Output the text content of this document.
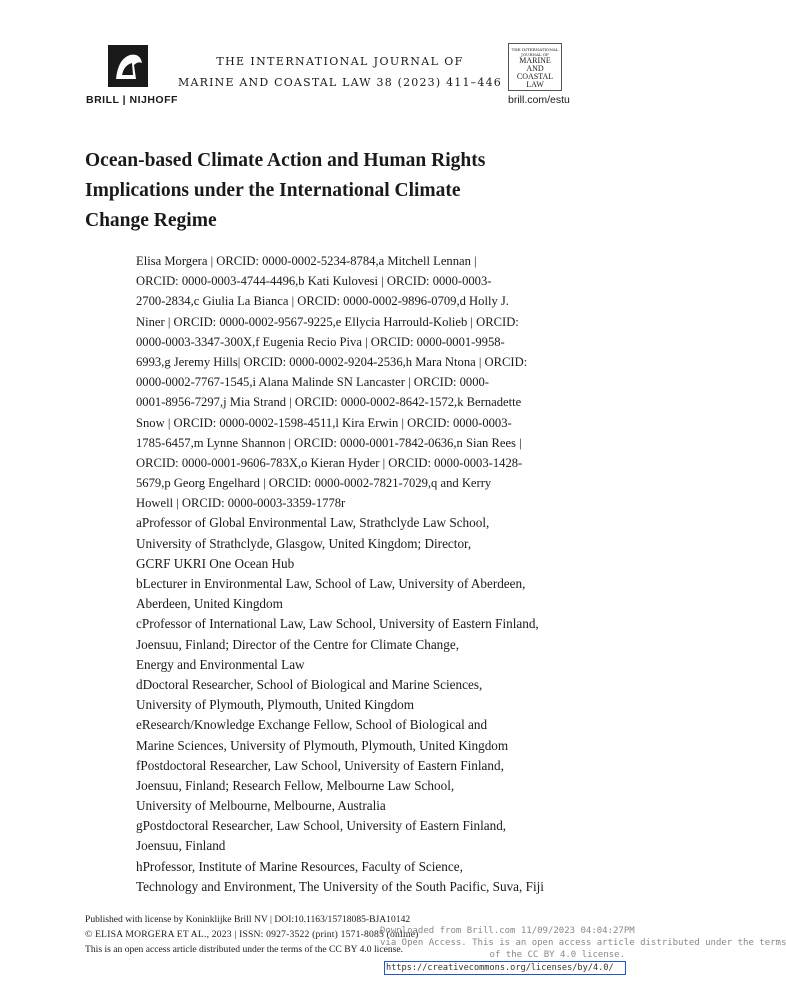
BRILL | NIJHOFF
THE INTERNATIONAL JOURNAL OF
MARINE AND COASTAL LAW 38 (2023) 411–446
THE INTERNATIONAL JOURNAL OF
MARINE
AND COASTAL
LAW
brill.com/estu
Ocean-based Climate Action and Human Rights
Implications under the International Climate
Change Regime
Elisa Morgera | ORCID: 0000-0002-5234-8784,a Mitchell Lennan |
ORCID: 0000-0003-4744-4496,b Kati Kulovesi | ORCID: 0000-0003-
2700-2834,c Giulia La Bianca | ORCID: 0000-0002-9896-0709,d Holly J.
Niner | ORCID: 0000-0002-9567-9225,e Ellycia Harrould-Kolieb | ORCID:
0000-0003-3347-300X,f Eugenia Recio Piva | ORCID: 0000-0001-9958-
6993,g Jeremy Hills| ORCID: 0000-0002-9204-2536,h Mara Ntona | ORCID:
0000-0002-7767-1545,i Alana Malinde SN Lancaster | ORCID: 0000-
0001-8956-7297,j Mia Strand | ORCID: 0000-0002-8642-1572,k Bernadette
Snow | ORCID: 0000-0002-1598-4511,l Kira Erwin | ORCID: 0000-0003-
1785-6457,m Lynne Shannon | ORCID: 0000-0001-7842-0636,n Sian Rees |
ORCID: 0000-0001-9606-783X,o Kieran Hyder | ORCID: 0000-0003-1428-
5679,p Georg Engelhard | ORCID: 0000-0002-7821-7029,q and Kerry
Howell | ORCID: 0000-0003-3359-1778r
aProfessor of Global Environmental Law, Strathclyde Law School,
University of Strathclyde, Glasgow, United Kingdom; Director,
GCRF UKRI One Ocean Hub
bLecturer in Environmental Law, School of Law, University of Aberdeen,
Aberdeen, United Kingdom
cProfessor of International Law, Law School, University of Eastern Finland,
Joensuu, Finland; Director of the Centre for Climate Change,
Energy and Environmental Law
dDoctoral Researcher, School of Biological and Marine Sciences,
University of Plymouth, Plymouth, United Kingdom
eResearch/Knowledge Exchange Fellow, School of Biological and
Marine Sciences, University of Plymouth, Plymouth, United Kingdom
fPostdoctoral Researcher, Law School, University of Eastern Finland,
Joensuu, Finland; Research Fellow, Melbourne Law School,
University of Melbourne, Melbourne, Australia
gPostdoctoral Researcher, Law School, University of Eastern Finland,
Joensuu, Finland
hProfessor, Institute of Marine Resources, Faculty of Science,
Technology and Environment, The University of the South Pacific, Suva, Fiji
Published with license by Koninklijke Brill NV | DOI:10.1163/15718085-BJA10142
© ELISA MORGERA ET AL., 2023 | ISSN: 0927-3522 (print) 1571-8085 (online)
This is an open access article distributed under the terms of the CC BY 4.0 license.
Downloaded from Brill.com 11/09/2023 04:04:27PM
via Open Access. This is an open access article distributed under the terms
of the CC BY 4.0 license.
https://creativecommons.org/licenses/by/4.0/
